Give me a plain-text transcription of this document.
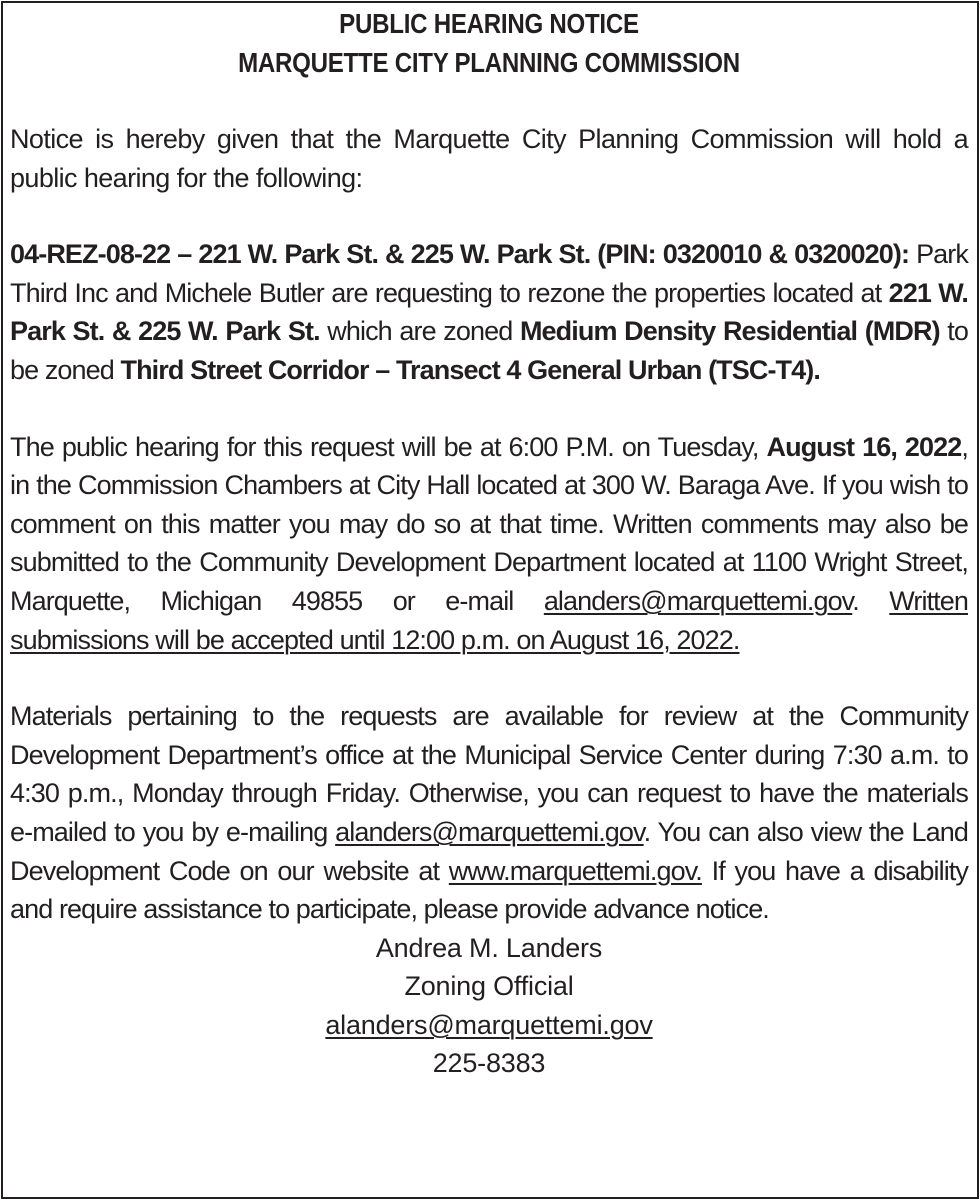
PUBLIC HEARING NOTICE
MARQUETTE CITY PLANNING COMMISSION

Notice is hereby given that the Marquette City Planning Commission will hold a public hearing for the following:

04-REZ-08-22 – 221 W. Park St. & 225 W. Park St. (PIN: 0320010 & 0320020): Park Third Inc and Michele Butler are requesting to rezone the properties located at 221 W. Park St. & 225 W. Park St. which are zoned Medium Density Residential (MDR) to be zoned Third Street Corridor – Transect 4 General Urban (TSC-T4).

The public hearing for this request will be at 6:00 P.M. on Tuesday, August 16, 2022, in the Commission Chambers at City Hall located at 300 W. Baraga Ave. If you wish to comment on this matter you may do so at that time. Written comments may also be submitted to the Community Development Department located at 1100 Wright Street, Marquette, Michigan 49855 or e-mail alanders@marquettemi.gov. Written submissions will be accepted until 12:00 p.m. on August 16, 2022.

Materials pertaining to the requests are available for review at the Community Development Department’s office at the Municipal Service Center during 7:30 a.m. to 4:30 p.m., Monday through Friday. Otherwise, you can request to have the materials e-mailed to you by e-mailing alanders@marquettemi.gov. You can also view the Land Development Code on our website at www.marquettemi.gov. If you have a disability and require assistance to participate, please provide advance notice.

Andrea M. Landers
Zoning Official
alanders@marquettemi.gov
225-8383
